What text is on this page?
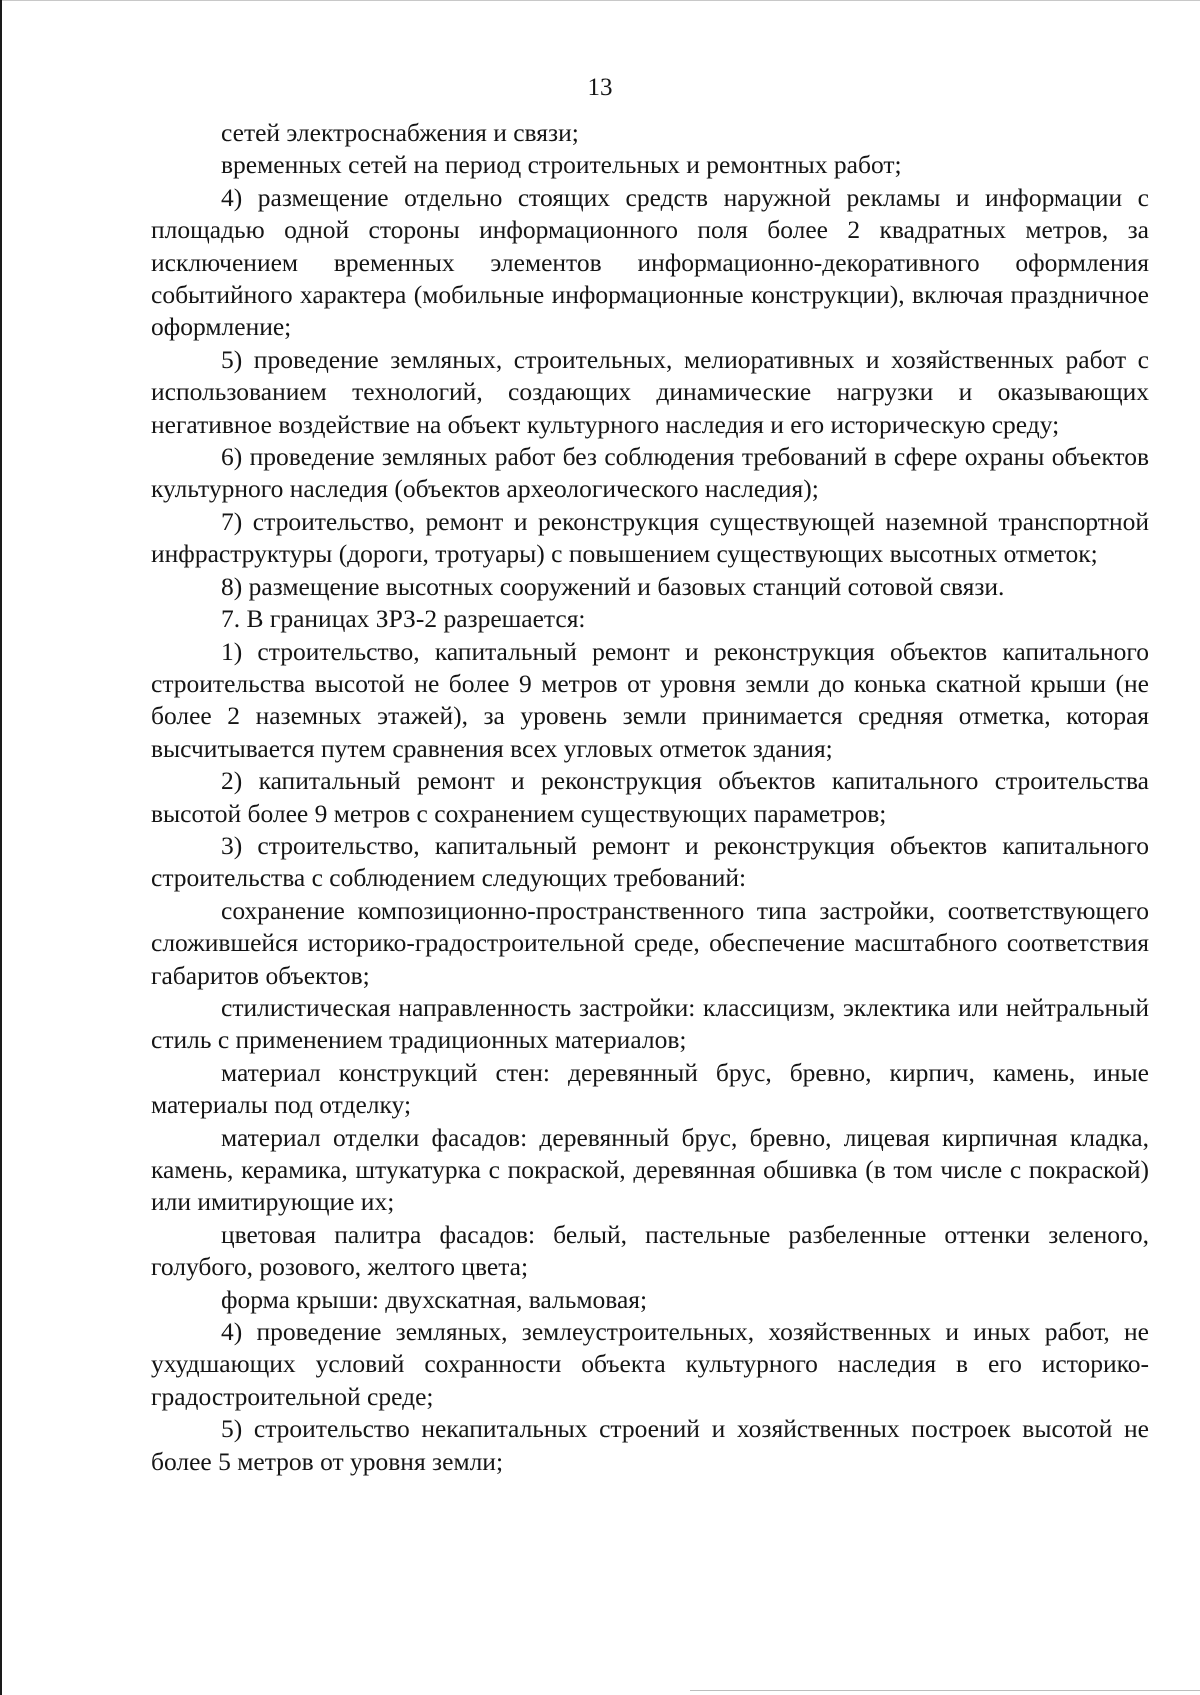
13

сетей электроснабжения и связи;

временных сетей на период строительных и ремонтных работ;

4) размещение отдельно стоящих средств наружной рекламы и информации с площадью одной стороны информационного поля более 2 квадратных метров, за исключением временных элементов информационно-декоративного оформления событийного характера (мобильные информационные конструкции), включая праздничное оформление;

5) проведение земляных, строительных, мелиоративных и хозяйственных работ с использованием технологий, создающих динамические нагрузки и оказывающих негативное воздействие на объект культурного наследия и его историческую среду;

6) проведение земляных работ без соблюдения требований в сфере охраны объектов культурного наследия (объектов археологического наследия);

7) строительство, ремонт и реконструкция существующей наземной транспортной инфраструктуры (дороги, тротуары) с повышением существующих высотных отметок;

8) размещение высотных сооружений и базовых станций сотовой связи.

7. В границах ЗРЗ-2 разрешается:

1) строительство, капитальный ремонт и реконструкция объектов капитального строительства высотой не более 9 метров от уровня земли до конька скатной крыши (не более 2 наземных этажей), за уровень земли принимается средняя отметка, которая высчитывается путем сравнения всех угловых отметок здания;

2) капитальный ремонт и реконструкция объектов капитального строительства высотой более 9 метров с сохранением существующих параметров;

3) строительство, капитальный ремонт и реконструкция объектов капитального строительства с соблюдением следующих требований:

сохранение композиционно-пространственного типа застройки, соответствующего сложившейся историко-градостроительной среде, обеспечение масштабного соответствия габаритов объектов;

стилистическая направленность застройки: классицизм, эклектика или нейтральный стиль с применением традиционных материалов;

материал конструкций стен: деревянный брус, бревно, кирпич, камень, иные материалы под отделку;

материал отделки фасадов: деревянный брус, бревно, лицевая кирпичная кладка, камень, керамика, штукатурка с покраской, деревянная обшивка (в том числе с покраской) или имитирующие их;

цветовая палитра фасадов: белый, пастельные разбеленные оттенки зеленого, голубого, розового, желтого цвета;

форма крыши: двухскатная, вальмовая;

4) проведение земляных, землеустроительных, хозяйственных и иных работ, не ухудшающих условий сохранности объекта культурного наследия в его историко-градостроительной среде;

5) строительство некапитальных строений и хозяйственных построек высотой не более 5 метров от уровня земли;
